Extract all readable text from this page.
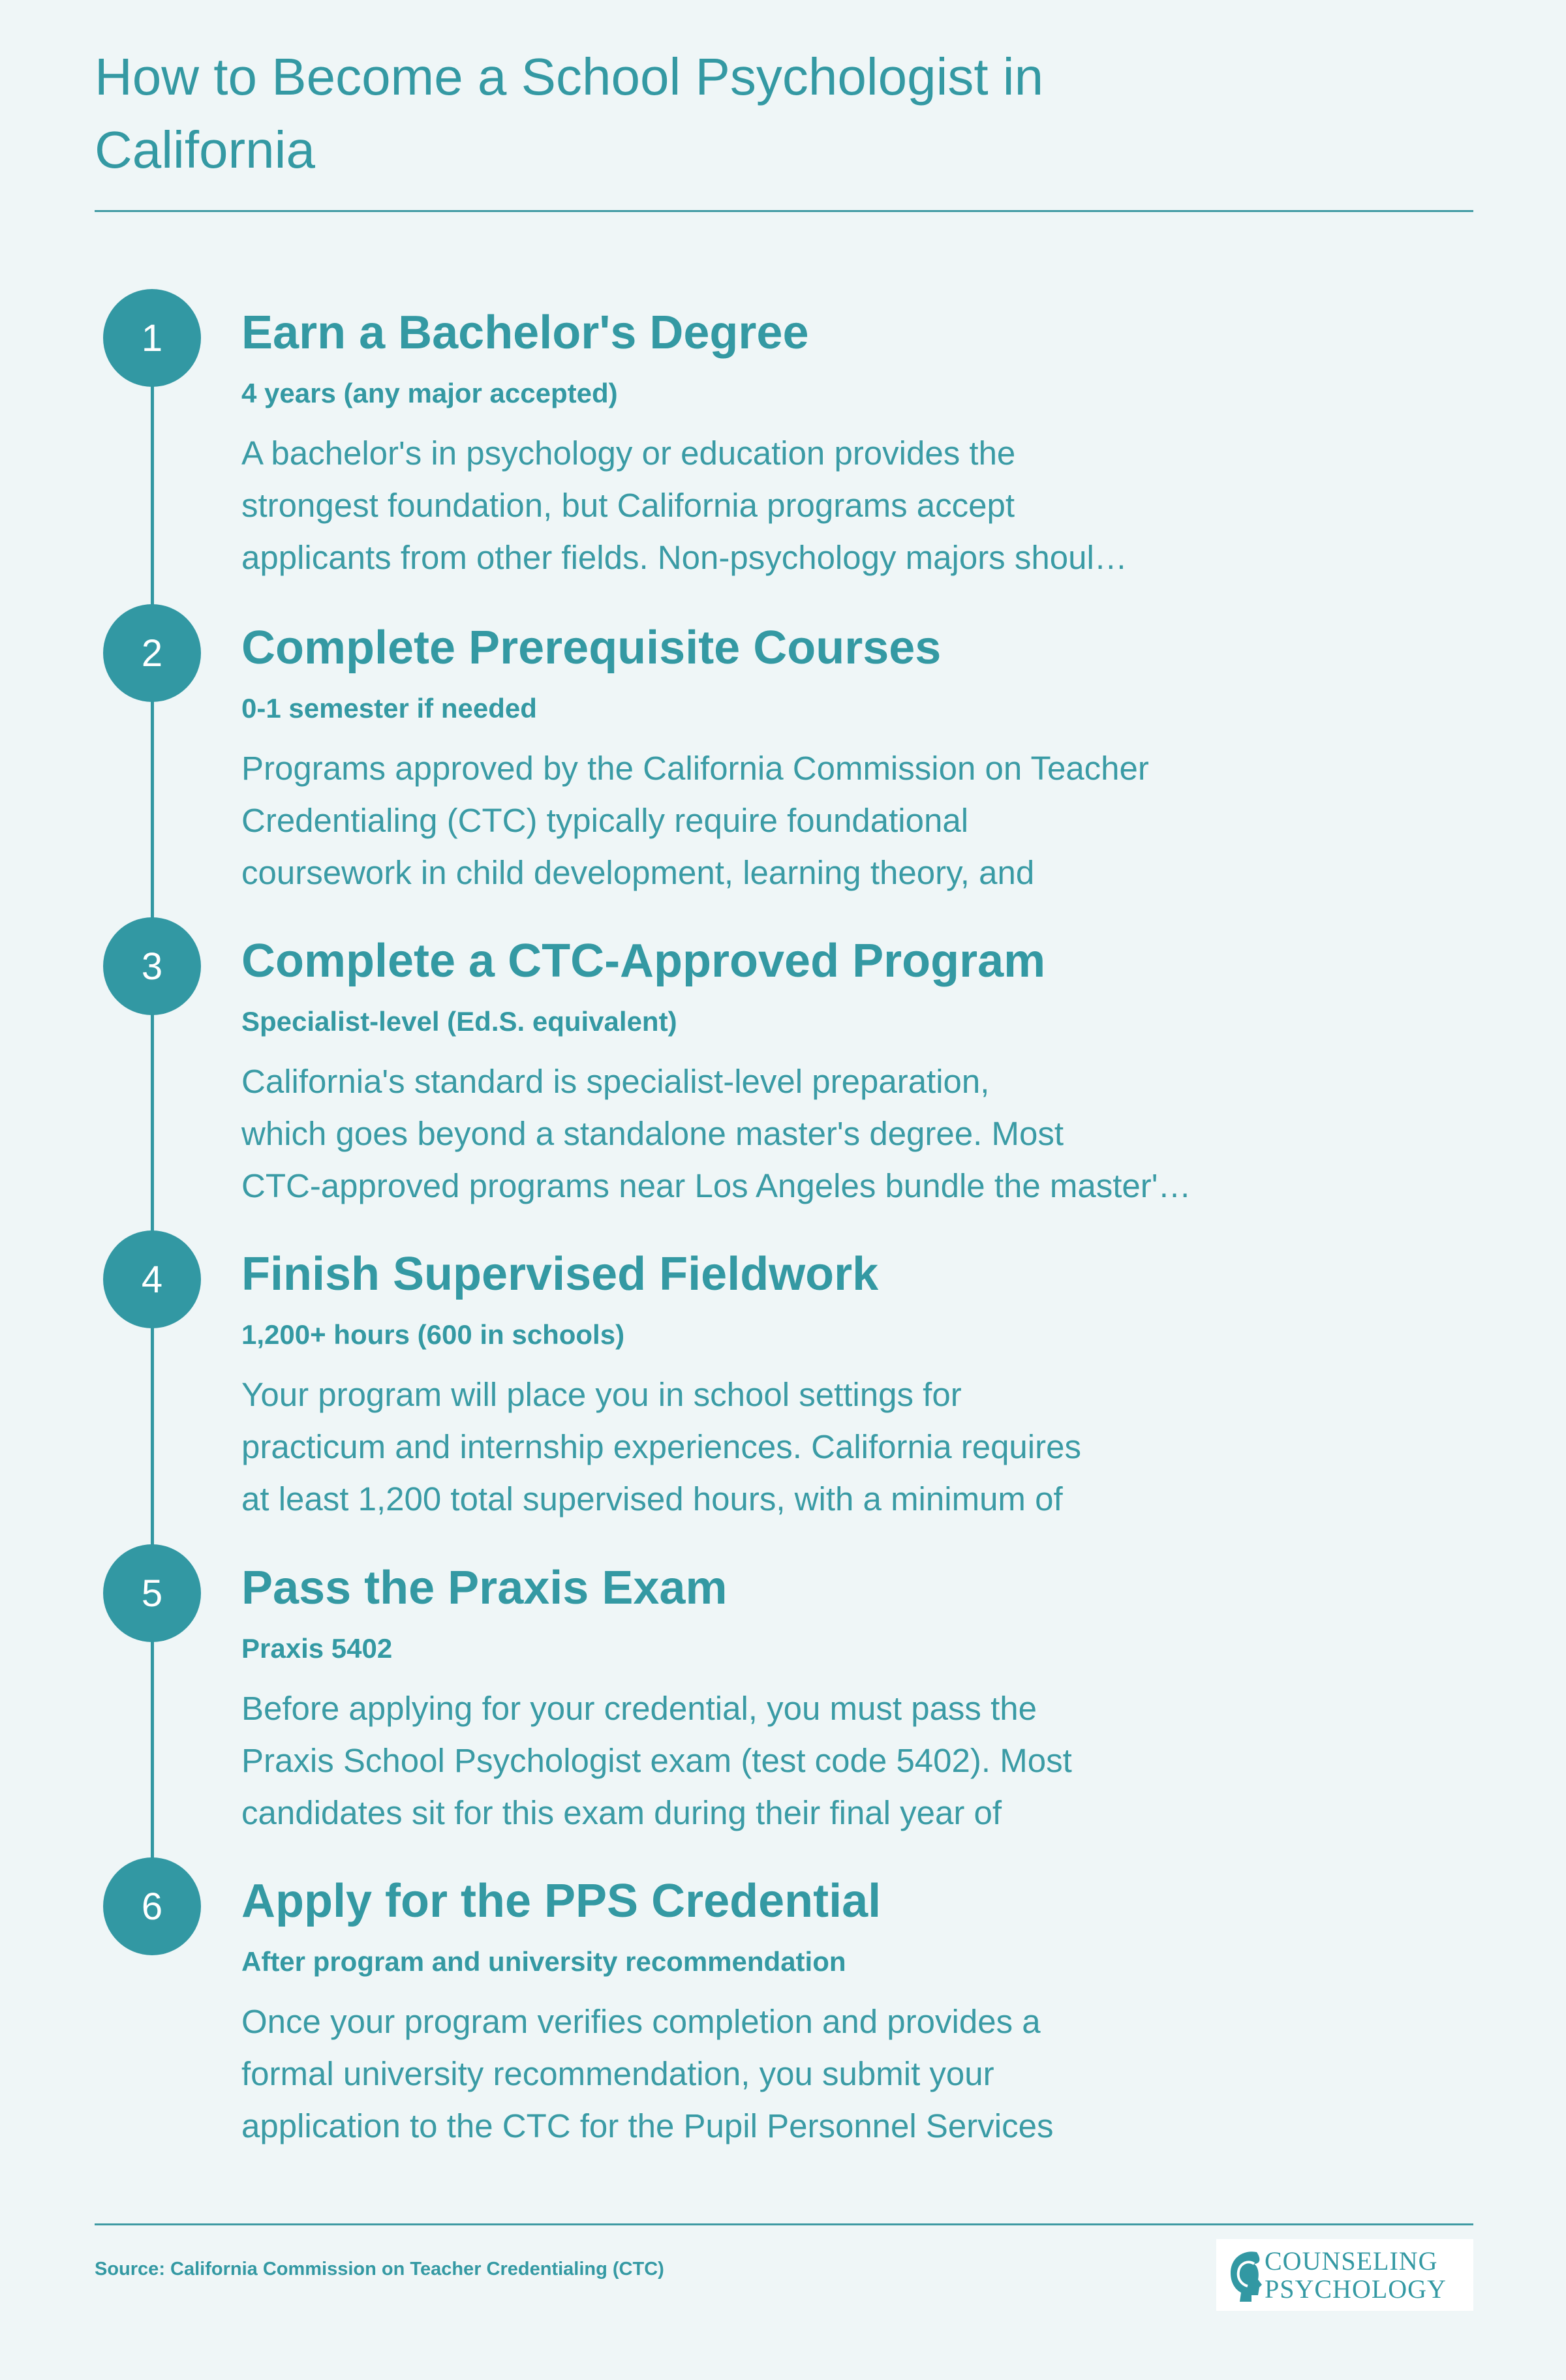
How to Become a School Psychologist in California
1	Earn a Bachelor's Degree
4 years (any major accepted)
A bachelor's in psychology or education provides the
strongest foundation, but California programs accept
applicants from other fields. Non-psychology majors shoul…
2	Complete Prerequisite Courses
0-1 semester if needed
Programs approved by the California Commission on Teacher
Credentialing (CTC) typically require foundational
coursework in child development, learning theory, and
3	Complete a CTC-Approved Program
Specialist-level (Ed.S. equivalent)
California's standard is specialist-level preparation,
which goes beyond a standalone master's degree. Most
CTC-approved programs near Los Angeles bundle the master'…
4	Finish Supervised Fieldwork
1,200+ hours (600 in schools)
Your program will place you in school settings for
practicum and internship experiences. California requires
at least 1,200 total supervised hours, with a minimum of
5	Pass the Praxis Exam
Praxis 5402
Before applying for your credential, you must pass the
Praxis School Psychologist exam (test code 5402). Most
candidates sit for this exam during their final year of
6	Apply for the PPS Credential
After program and university recommendation
Once your program verifies completion and provides a
formal university recommendation, you submit your
application to the CTC for the Pupil Personnel Services
Source: California Commission on Teacher Credentialing (CTC)	COUNSELING
PSYCHOLOGY
